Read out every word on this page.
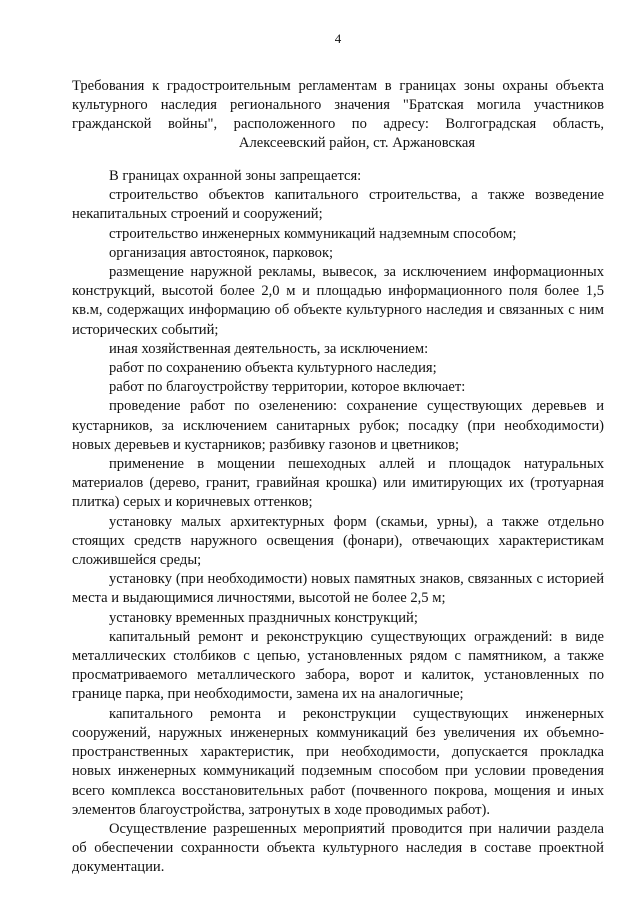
4
Требования к градостроительным регламентам в границах зоны охраны объекта
культурного наследия регионального значения "Братская могила участников
гражданской войны", расположенного по адресу: Волгоградская область,
Алексеевский район, ст. Аржановская

В границах охранной зоны запрещается:

строительство объектов капитального строительства, а также возведение некапитальных строений и сооружений;

строительство инженерных коммуникаций надземным способом;

организация автостоянок, парковок;

размещение наружной рекламы, вывесок, за исключением информационных конструкций, высотой более 2,0 м и площадью информационного поля более 1,5 кв.м, содержащих информацию об объекте культурного наследия и связанных с ним исторических событий;

иная хозяйственная деятельность, за исключением:

работ по сохранению объекта культурного наследия;

работ по благоустройству территории, которое включает:

проведение работ по озеленению: сохранение существующих деревьев и кустарников, за исключением санитарных рубок; посадку (при необходимости) новых деревьев и кустарников; разбивку газонов и цветников;

применение в мощении пешеходных аллей и площадок натуральных материалов (дерево, гранит, гравийная крошка) или имитирующих их (тротуарная плитка) серых и коричневых оттенков;

установку малых архитектурных форм (скамьи, урны), а также отдельно стоящих средств наружного освещения (фонари), отвечающих характеристикам сложившейся среды;

установку (при необходимости) новых памятных знаков, связанных с историей места и выдающимися личностями, высотой не более 2,5 м;

установку временных праздничных конструкций;

капитальный ремонт и реконструкцию существующих ограждений: в виде металлических столбиков с цепью, установленных рядом с памятником, а также просматриваемого металлического забора, ворот и калиток, установленных по границе парка, при необходимости, замена их на аналогичные;

капитального ремонта и реконструкции существующих инженерных сооружений, наружных инженерных коммуникаций без увеличения их объемно-пространственных характеристик, при необходимости, допускается прокладка новых инженерных коммуникаций подземным способом при условии проведения всего комплекса восстановительных работ (почвенного покрова, мощения и иных элементов благоустройства, затронутых в ходе проводимых работ).

Осуществление разрешенных мероприятий проводится при наличии раздела об обеспечении сохранности объекта культурного наследия в составе проектной документации.
